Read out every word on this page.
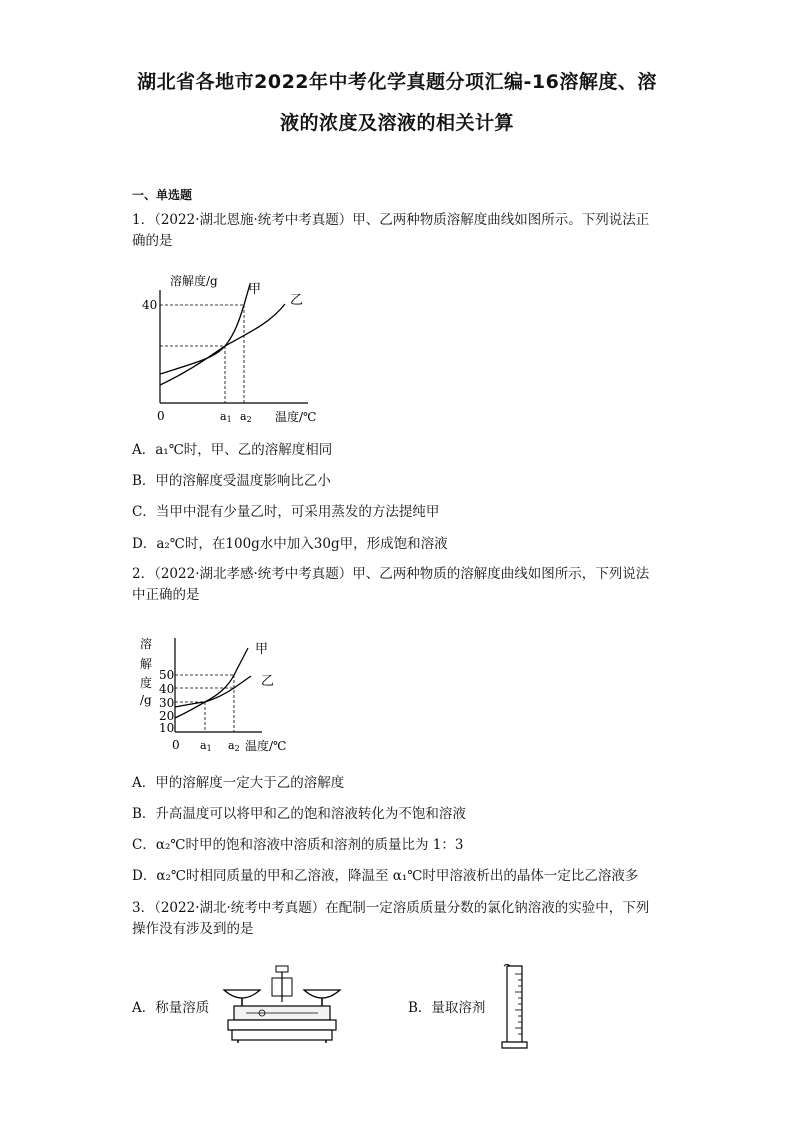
湖北省各地市2022年中考化学真题分项汇编-16溶解度、溶
液的浓度及溶液的相关计算
一、单选题
1．（2022·湖北恩施·统考中考真题）甲、乙两种物质溶解度曲线如图所示。下列说法正
确的是
溶解度/g
40
0	a1 a2 温度/℃
甲
乙
A．a₁℃时，甲、乙的溶解度相同
B．甲的溶解度受温度影响比乙小
C．当甲中混有少量乙时，可采用蒸发的方法提纯甲
D．a₂℃时，在100g水中加入30g甲，形成饱和溶液
2．（2022·湖北孝感·统考中考真题）甲、乙两种物质的溶解度曲线如图所示，下列说法
中正确的是
溶
解
度
/g
50
40
30
20
10
0 a1 a2 温度/℃
甲
乙
A．甲的溶解度一定大于乙的溶解度
B．升高温度可以将甲和乙的饱和溶液转化为不饱和溶液
C．α₂℃时甲的饱和溶液中溶质和溶剂的质量比为 1：3
D．α₂℃时相同质量的甲和乙溶液，降温至 α₁℃时甲溶液析出的晶体一定比乙溶液多
3．（2022·湖北·统考中考真题）在配制一定溶质质量分数的氯化钠溶液的实验中，下列
操作没有涉及到的是
A．称量溶质	B．量取溶剂
